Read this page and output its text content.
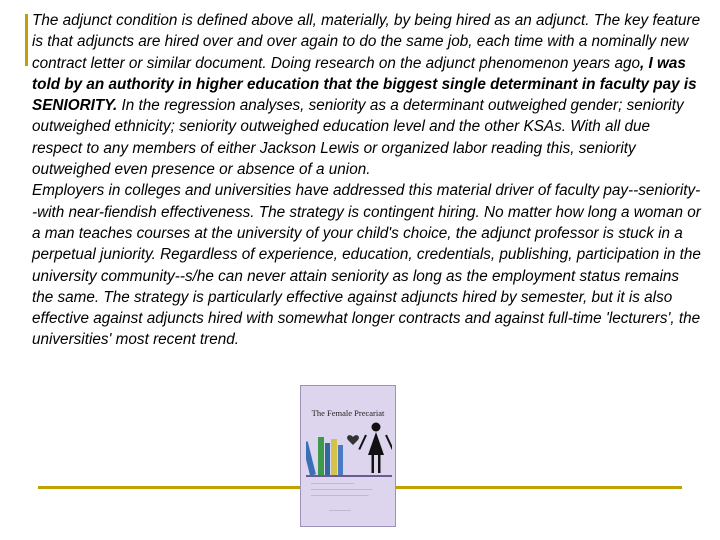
The adjunct condition is defined above all, materially, by being hired as an adjunct. The key feature is that adjuncts are hired over and over again to do the same job, each time with a nominally new contract letter or similar document. Doing research on the adjunct phenomenon years ago, I was told by an authority in higher education that the biggest single determinant in faculty pay is SENIORITY. In the regression analyses, seniority as a determinant outweighed gender; seniority outweighed ethnicity; seniority outweighed education level and the other KSAs. With all due respect to any members of either Jackson Lewis or organized labor reading this, seniority outweighed even presence or absence of a union.

Employers in colleges and universities have addressed this material driver of faculty pay--seniority--with near-fiendish effectiveness. The strategy is contingent hiring. No matter how long a woman or a man teaches courses at the university of your child's choice, the adjunct professor is stuck in a perpetual juniority. Regardless of experience, education, credentials, publishing, participation in the university community--s/he can never attain seniority as long as the employment status remains the same. The strategy is particularly effective against adjuncts hired by semester, but it is also effective against adjuncts hired with somewhat longer contracts and against full-time 'lecturers', the universities' most recent trend.

The Female Precariat
————————————
—————————————————
————————————————
——————
